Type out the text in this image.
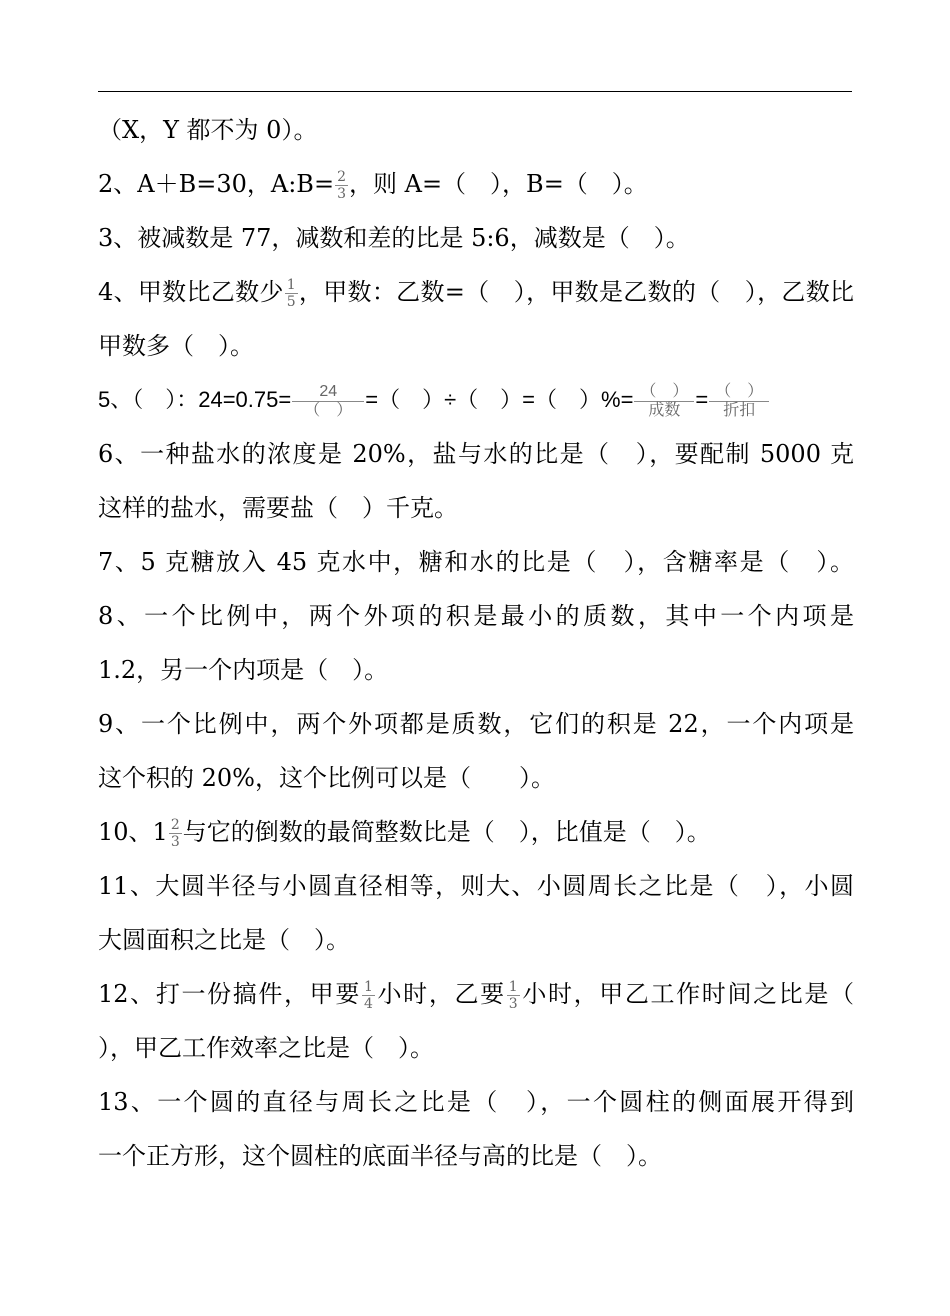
（X，Y 都不为 0）。
2、A＋B=30，A:B= $\frac{2}{3}$ ，则 A=（　），B=（　）。
3、被减数是 77，减数和差的比是 5:6，减数是（　）。
4、甲数比乙数少 $\frac{1}{5}$ ，甲数：乙数=（　），甲数是乙数的（　），乙数比
甲数多（　）。
5、（　）：$24=0.75= \frac{24}{( )}$ =（　）÷（　）=（　）%= $\frac{( )}{\text{成数}} = \frac{( )}{\text{折扣}}$
6、一种盐水的浓度是 20%，盐与水的比是（　），要配制 5000 克
这样的盐水，需要盐（　）千克。
7、5 克糖放入 45 克水中，糖和水的比是（　），含糖率是（　）。
8、一个比例中，两个外项的积是最小的质数，其中一个内项是
1.2，另一个内项是（　）。
9、一个比例中，两个外项都是质数，它们的积是 22，一个内项是
这个积的 20%，这个比例可以是（　　）。
10、$1 \frac{2}{3}$ 与它的倒数的最简整数比是（　），比值是（　）。
11、大圆半径与小圆直径相等，则大、小圆周长之比是（　），小圆
大圆面积之比是（　）。
12、打一份搞件，甲要 $\frac{1}{4}$ 小时，乙要 $\frac{1}{3}$ 小时，甲乙工作时间之比是（
），甲乙工作效率之比是（　）。
13、一个圆的直径与周长之比是（　），一个圆柱的侧面展开得到
一个正方形，这个圆柱的底面半径与高的比是（　）。
